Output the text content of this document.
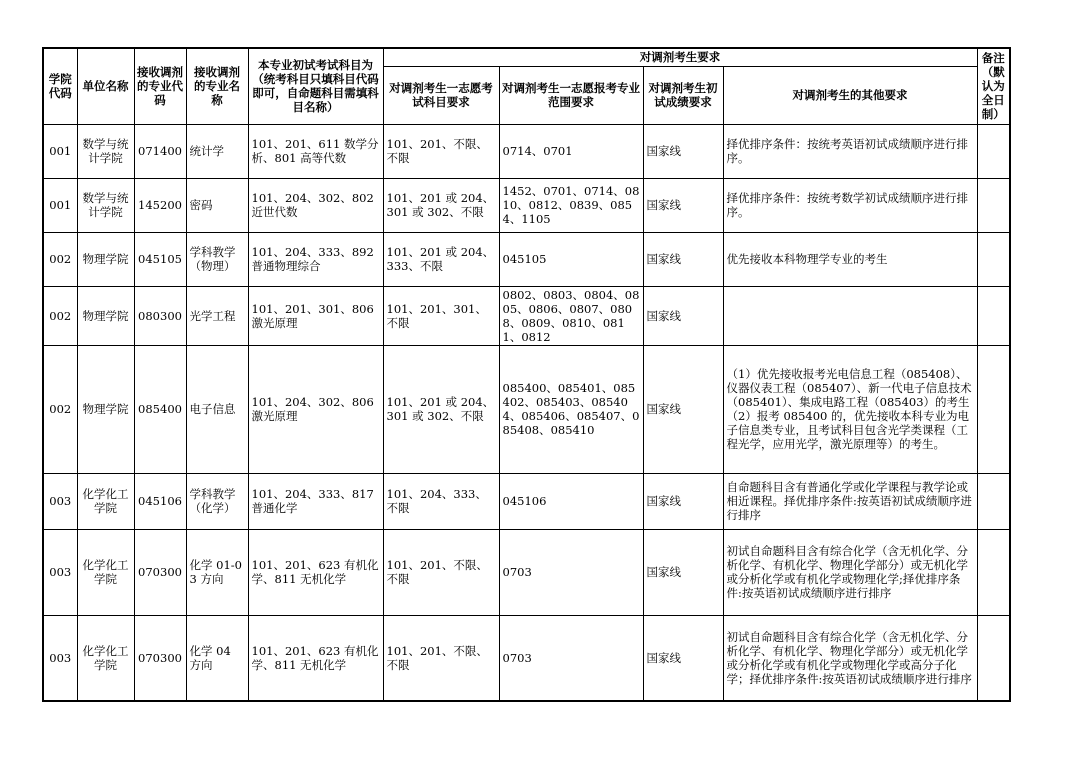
学院代码	单位名称	接收调剂的专业代码	接收调剂的专业名称	本专业初试考试科目为（统考科目只填科目代码即可，自命题科目需填科目名称）	对调剂考生要求				备注（默认为全日制）
					对调剂考生一志愿考试科目要求	对调剂考生一志愿报考专业范围要求	对调剂考生初试成绩要求	对调剂考生的其他要求	
001	数学与统计学院	071400	统计学	101、201、611 数学分析、801 高等代数	101、201、不限、不限	0714、0701	国家线	择优排序条件：按统考英语初试成绩顺序进行排序。	
001	数学与统计学院	145200	密码	101、204、302、802 近世代数	101、201 或 204、301 或 302、不限	1452、0701、0714、0810、0812、0839、0854、1105	国家线	择优排序条件：按统考数学初试成绩顺序进行排序。	
002	物理学院	045105	学科教学（物理）	101、204、333、892 普通物理综合	101、201 或 204、333、不限	045105	国家线	优先接收本科物理学专业的考生	
002	物理学院	080300	光学工程	101、201、301、806 激光原理	101、201、301、不限	0802、0803、0804、0805、0806、0807、0808、0809、0810、0811、0812	国家线		
002	物理学院	085400	电子信息	101、204、302、806 激光原理	101、201 或 204、301 或 302、不限	085400、085401、085402、085403、085404、085406、085407、085408、085410	国家线	（1）优先接收报考光电信息工程（085408）、仪器仪表工程（085407）、新一代电子信息技术（085401）、集成电路工程（085403）的考生
（2）报考 085400 的，优先接收本科专业为电子信息类专业，且考试科目包含光学类课程（工程光学，应用光学，激光原理等）的考生。	
003	化学化工学院	045106	学科教学（化学）	101、204、333、817 普通化学	101、204、333、不限	045106	国家线	自命题科目含有普通化学或化学课程与教学论或相近课程。择优排序条件:按英语初试成绩顺序进行排序	
003	化学化工学院	070300	化学 01-03 方向	101、201、623 有机化学、811 无机化学	101、201、不限、不限	0703	国家线	初试自命题科目含有综合化学（含无机化学、分析化学、有机化学、物理化学部分）或无机化学或分析化学或有机化学或物理化学;择优排序条件:按英语初试成绩顺序进行排序	
003	化学化工学院	070300	化学 04 方向	101、201、623 有机化学、811 无机化学	101、201、不限、不限	0703	国家线	初试自命题科目含有综合化学（含无机化学、分析化学、有机化学、物理化学部分）或无机化学或分析化学或有机化学或物理化学或高分子化学；择优排序条件:按英语初试成绩顺序进行排序	
